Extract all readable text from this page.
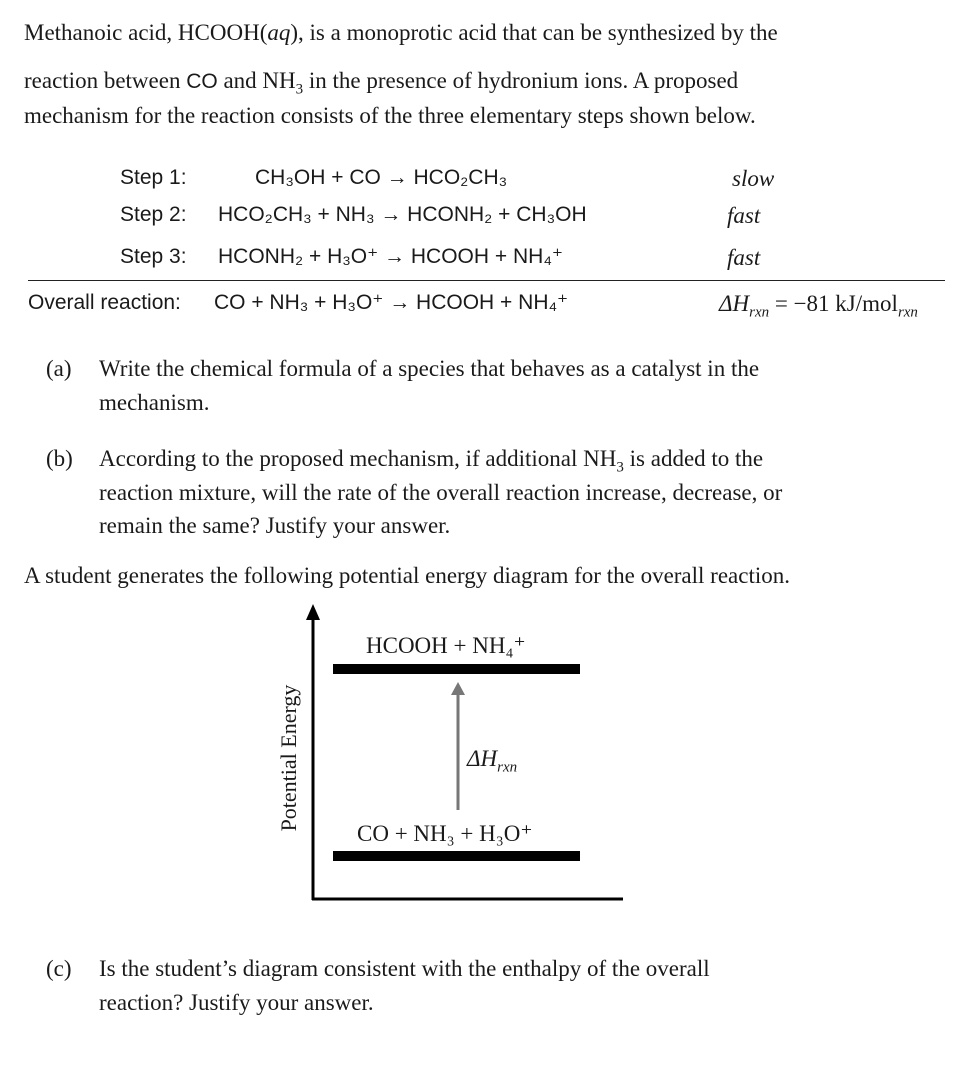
Methanoic acid, HCOOH(aq), is a monoprotic acid that can be synthesized by the
reaction between CO and $NH_3$ in the presence of hydronium ions. A proposed
mechanism for the reaction consists of the three elementary steps shown below.
Step 1:	CH₃OH + CO → HCO₂CH₃	slow
Step 2: HCO₂CH₃ + NH₃ → HCONH₂ + CH₃OH	fast
Step 3: HCONH₂ + H₃O⁺ → HCOOH + NH₄⁺	fast
Overall reaction: CO + NH₃ + H₃O⁺ → HCOOH + NH₄⁺	$\Delta H_{rxn} = -81$ kJ/mol$_{rxn}$
(a) Write the chemical formula of a species that behaves as a catalyst in the
mechanism.
(b) According to the proposed mechanism, if additional $NH_3$ is added to the
reaction mixture, will the rate of the overall reaction increase, decrease, or
remain the same? Justify your answer.
A student generates the following potential energy diagram for the overall reaction.
HCOOH + NH₄⁺
CO + NH₃ + H₃O⁺
$\Delta H_{rxn}$
Potential Energy
(c) Is the student’s diagram consistent with the enthalpy of the overall
reaction? Justify your answer.
